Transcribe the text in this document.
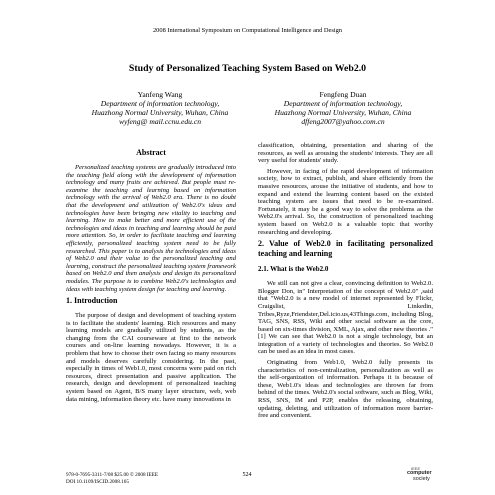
2008 International Symposium on Computational Intelligence and Design
Study of Personalized Teaching System Based on Web2.0
Yanfeng Wang
Department of information technology,
Huazhong Normal University, Wuhan, China
wyfeng@ mail.ccnu.edu.cn
Fengfeng Duan
Department of information technology,
Huazhong Normal University, Wuhan, China
dffeng2007@yahoo.com.cn
Abstract

Personalized teaching systems are gradually introduced into the teaching field along with the development of information technology and many fruits are achieved. But people must re-examine the teaching and learning based on information technology with the arrival of Web2.0 era. There is no doubt that the development and utilization of Web2.0's ideas and technologies have been bringing new vitality to teaching and learning. How to make better and more efficient use of the technologies and ideas in teaching and learning should be paid more attention. So, in order to facilitate teaching and learning efficiently, personalized teaching system need to be fully researched. This paper is to analysis the technologies and ideas of Web2.0 and their value to the personalized teaching and learning, construct the personalized teaching system framework based on Web2.0 and then analysis and design its personalized modules. The purpose is to combine Web2.0's technologies and ideas with teaching system design for teaching and learning.

1. Introduction

The purpose of design and development of teaching system is to facilitate the students' learning. Rich resources and many learning models are gradually utilized by students, as the changing from the CAI courseware at first to the network courses and on-line learning nowadays. However, it is a problem that how to choose their own facing so many resources and models deserves carefully considering. In the past, especially in times of Web1.0, most concerns were paid on rich resources, direct presentation and passive application. The research, design and development of personalized teaching system based on Agent, B/S many layer structure, web, web data mining, information theory etc. have many innovations in

classification, obtaining, presentation and sharing of the resources, as well as arousing the students' interests. They are all very useful for students' study.

However, in facing of the rapid development of information society, how to extract, publish, and share efficiently from the massive resources, arouse the initiative of students, and how to expand and extend the learning content based on the existed teaching system are issues that need to be re-examined. Fortunately, it may be a good way to solve the problems as the Web2.0's arrival. So, the construction of personalized teaching system based on Web2.0 is a valuable topic that worthy researching and developing.

2. Value of Web2.0 in facilitating personalized teaching and learning
2.1. What is the Web2.0

We still can not give a clear, convincing definition to Web2.0. Blogger Don, in" Interpretation of the concept of Web2.0" ,said that "Web2.0 is a new model of internet represented by Flickr, Craigslist, Linkedin, Tribes,Ryze,Friendster,Del.icio.us,43Things.com, including Blog, TAG, SNS, RSS, Wiki and other social software as the core, based on six-times division, XML, Ajax, and other new theories ."[1] We can see that Web2.0 is not a single technology, but an integration of a variety of technologies and theories. So Web2.0 can be used as an idea in most cases.

Originating from Web1.0, Web2.0 fully presents its characteristics of non-centralization, personalization as well as the self-organization of information. Perhaps it is because of these, Web1.0's ideas and technologies are thrown far from behind of the times. Web2.0's social software, such as Blog, Wiki, RSS, SNS, IM and P2P, enables the releasing, obtaining, updating, deleting, and utilization of information more barrier-free and convenient.

978-0-7695-3311-7/08 $25.00 © 2008 IEEE
DOI 10.1109/ISCID.2008.165
524
IEEE
computer
society
